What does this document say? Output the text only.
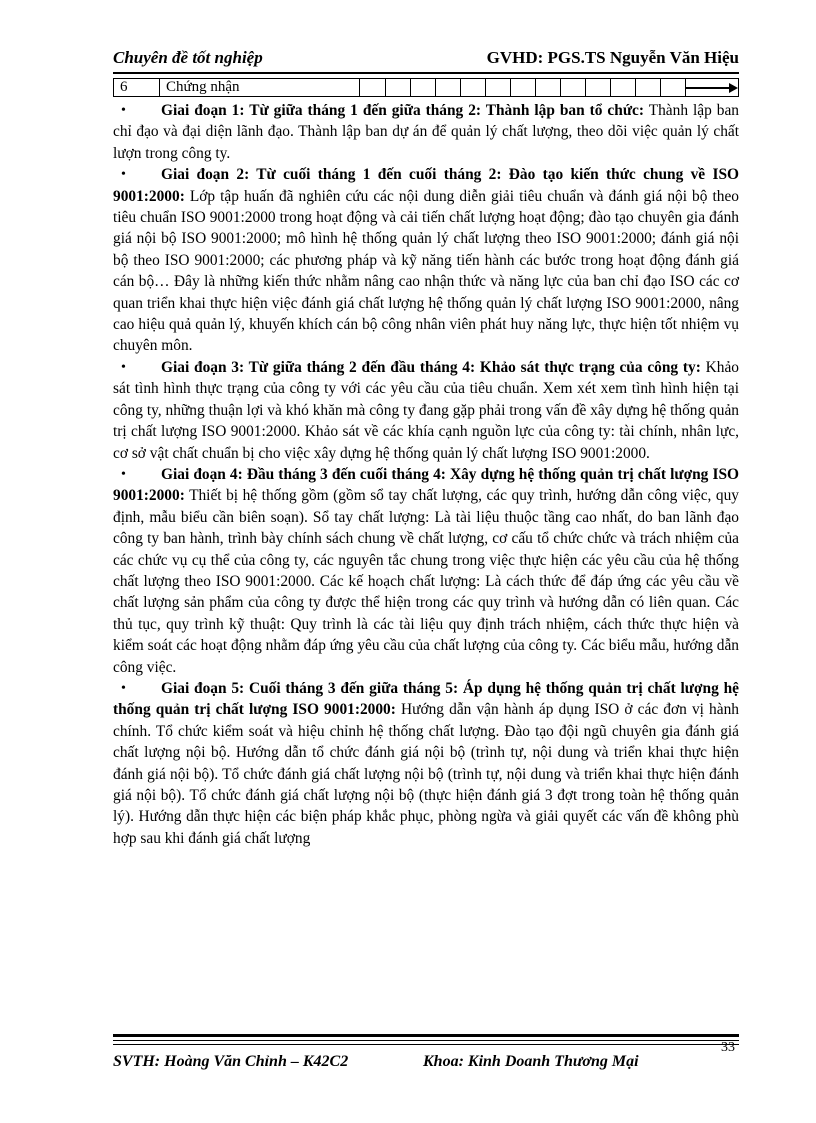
Chuyên đề tốt nghiệp	GVHD: PGS.TS Nguyễn Văn Hiệu
6	Chứng nhận

• Giai đoạn 1: Từ giữa tháng 1 đến giữa tháng 2: Thành lập ban tổ chức: Thành lập ban chỉ đạo và đại diện lãnh đạo. Thành lập ban dự án để quản lý chất lượng, theo dõi việc quản lý chất lượn trong công ty.

• Giai đoạn 2: Từ cuối tháng 1 đến cuối tháng 2: Đào tạo kiến thức chung về ISO 9001:2000: Lớp tập huấn đã nghiên cứu các nội dung diễn giải tiêu chuẩn và đánh giá nội bộ theo tiêu chuẩn ISO 9001:2000 trong hoạt động và cải tiến chất lượng hoạt động; đào tạo chuyên gia đánh giá nội bộ ISO 9001:2000; mô hình hệ thống quản lý chất lượng theo ISO 9001:2000; đánh giá nội bộ theo ISO 9001:2000; các phương pháp và kỹ năng tiến hành các bước trong hoạt động đánh giá cán bộ… Đây là những kiến thức nhằm nâng cao nhận thức và năng lực của ban chỉ đạo ISO các cơ quan triển khai thực hiện việc đánh giá chất lượng hệ thống quản lý chất lượng ISO 9001:2000, nâng cao hiệu quả quản lý, khuyến khích cán bộ công nhân viên phát huy năng lực, thực hiện tốt nhiệm vụ chuyên môn.

• Giai đoạn 3: Từ giữa tháng 2 đến đầu tháng 4: Khảo sát thực trạng của công ty: Khảo sát tình hình thực trạng của công ty với các yêu cầu của tiêu chuẩn. Xem xét xem tình hình hiện tại công ty, những thuận lợi và khó khăn mà công ty đang gặp phải trong vấn đề xây dựng hệ thống quản trị chất lượng ISO 9001:2000. Khảo sát về các khía cạnh nguồn lực của công ty: tài chính, nhân lực, cơ sở vật chất chuẩn bị cho việc xây dựng hệ thống quản lý chất lượng ISO 9001:2000.

• Giai đoạn 4: Đầu tháng 3 đến cuối tháng 4: Xây dựng hệ thống quản trị chất lượng ISO 9001:2000: Thiết bị hệ thống gồm (gồm sổ tay chất lượng, các quy trình, hướng dẫn công việc, quy định, mẫu biểu cần biên soạn). Sổ tay chất lượng: Là tài liệu thuộc tầng cao nhất, do ban lãnh đạo công ty ban hành, trình bày chính sách chung về chất lượng, cơ cấu tổ chức chức và trách nhiệm của các chức vụ cụ thể của công ty, các nguyên tắc chung trong việc thực hiện các yêu cầu của hệ thống chất lượng theo ISO 9001:2000. Các kế hoạch chất lượng: Là cách thức để đáp ứng các yêu cầu về chất lượng sản phẩm của công ty được thể hiện trong các quy trình và hướng dẫn có liên quan. Các thủ tục, quy trình kỹ thuật: Quy trình là các tài liệu quy định trách nhiệm, cách thức thực hiện và kiểm soát các hoạt động nhằm đáp ứng yêu cầu của chất lượng của công ty. Các biểu mẫu, hướng dẫn công việc.

• Giai đoạn 5: Cuối tháng 3 đến giữa tháng 5: Áp dụng hệ thống quản trị chất lượng hệ thống quản trị chất lượng ISO 9001:2000: Hướng dẫn vận hành áp dụng ISO ở các đơn vị hành chính. Tổ chức kiểm soát và hiệu chỉnh hệ thống chất lượng. Đào tạo đội ngũ chuyên gia đánh giá chất lượng nội bộ. Hướng dẫn tổ chức đánh giá nội bộ (trình tự, nội dung và triển khai thực hiện đánh giá nội bộ). Tổ chức đánh giá chất lượng nội bộ (trình tự, nội dung và triển khai thực hiện đánh giá nội bộ). Tổ chức đánh giá chất lượng nội bộ (thực hiện đánh giá 3 đợt trong toàn hệ thống quản lý). Hướng dẫn thực hiện các biện pháp khắc phục, phòng ngừa và giải quyết các vấn đề không phù hợp sau khi đánh giá chất lượng

SVTH: Hoàng Văn Chỉnh – K42C2	Khoa: Kinh Doanh Thương Mại
33
